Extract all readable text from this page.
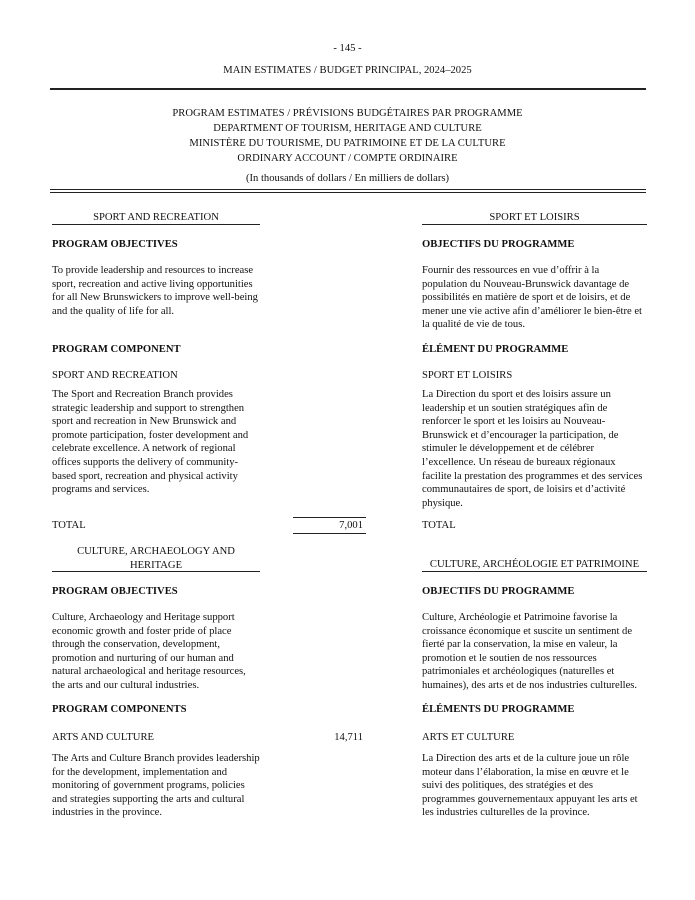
- 145 -
MAIN ESTIMATES / BUDGET PRINCIPAL, 2024–2025
PROGRAM ESTIMATES / PRÉVISIONS BUDGÉTAIRES PAR PROGRAMME
DEPARTMENT OF TOURISM, HERITAGE AND CULTURE
MINISTÈRE DU TOURISME, DU PATRIMOINE ET DE LA CULTURE
ORDINARY ACCOUNT / COMPTE ORDINAIRE
(In thousands of dollars / En milliers de dollars)
SPORT AND RECREATION	SPORT ET LOISIRS
PROGRAM OBJECTIVES	OBJECTIFS DU PROGRAMME

To provide leadership and resources to increase sport, recreation and active living opportunities for all New Brunswickers to improve well-being and the quality of life for all.

Fournir des ressources en vue d’offrir à la population du Nouveau-Brunswick davantage de possibilités en matière de sport et de loisirs, et de mener une vie active afin d’améliorer le bien-être et la qualité de vie de tous.

PROGRAM COMPONENT	ÉLÉMENT DU PROGRAMME
SPORT AND RECREATION	SPORT ET LOISIRS

The Sport and Recreation Branch provides strategic leadership and support to strengthen sport and recreation in New Brunswick and promote participation, foster development and celebrate excellence. A network of regional offices supports the delivery of community-based sport, recreation and physical activity programs and services.

La Direction du sport et des loisirs assure un leadership et un soutien stratégiques afin de renforcer le sport et les loisirs au Nouveau-Brunswick et d’encourager la participation, de stimuler le développement et de célébrer l’excellence. Un réseau de bureaux régionaux facilite la prestation des programmes et des services communautaires de sport, de loisirs et d’activité physique.

TOTAL	7,001	TOTAL
CULTURE, ARCHAEOLOGY AND HERITAGE	CULTURE, ARCHÉOLOGIE ET PATRIMOINE
PROGRAM OBJECTIVES	OBJECTIFS DU PROGRAMME

Culture, Archaeology and Heritage support economic growth and foster pride of place through the conservation, development, promotion and nurturing of our human and natural archaeological and heritage resources, the arts and our cultural industries.

Culture, Archéologie et Patrimoine favorise la croissance économique et suscite un sentiment de fierté par la conservation, la mise en valeur, la promotion et le soutien de nos ressources patrimoniales et archéologiques (naturelles et humaines), des arts et de nos industries culturelles.

PROGRAM COMPONENTS	ÉLÉMENTS DU PROGRAMME
ARTS AND CULTURE	14,711	ARTS ET CULTURE

The Arts and Culture Branch provides leadership for the development, implementation and monitoring of government programs, policies and strategies supporting the arts and cultural industries in the province.

La Direction des arts et de la culture joue un rôle moteur dans l’élaboration, la mise en œuvre et le suivi des politiques, des stratégies et des programmes gouvernementaux appuyant les arts et les industries culturelles de la province.
